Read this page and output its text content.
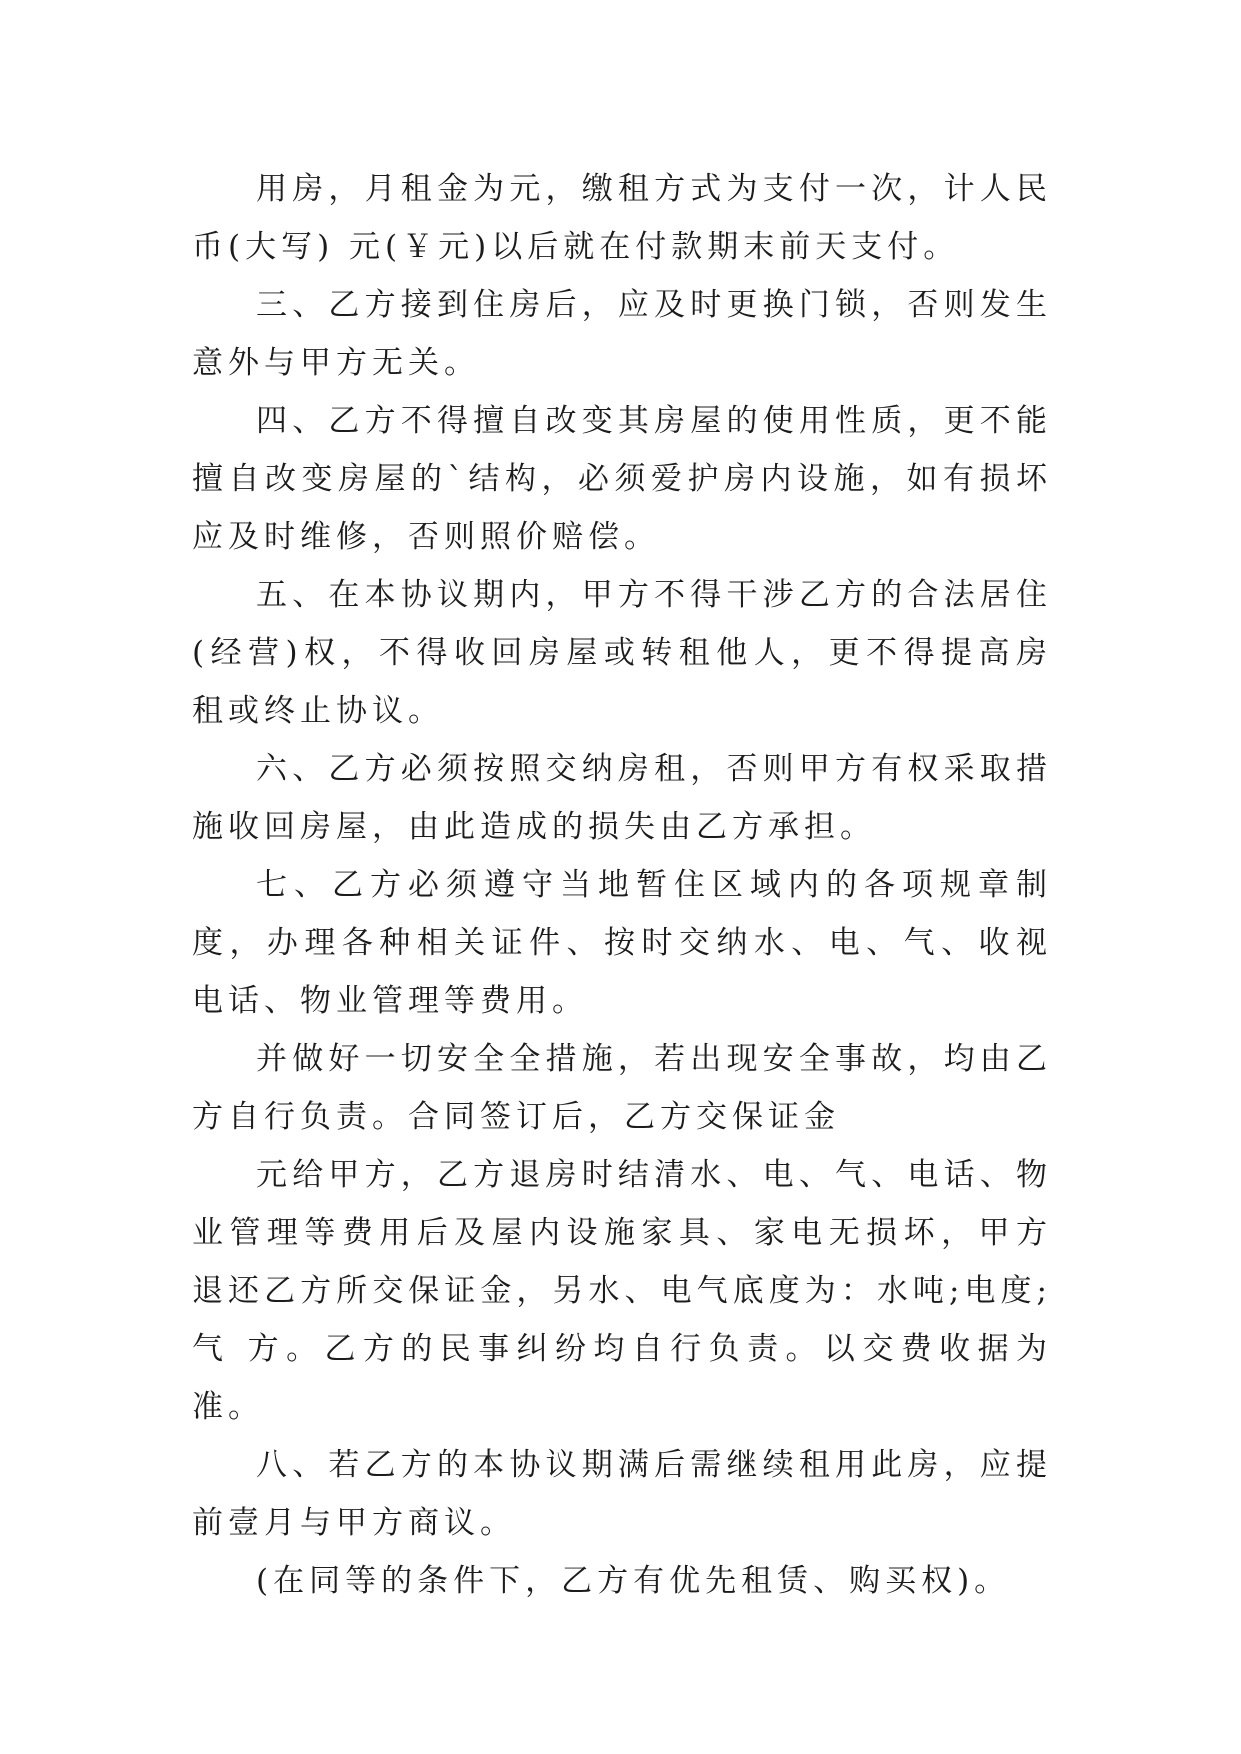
用房，月租金为元，缴租方式为支付一次，计人民币(大写) 元(￥元)以后就在付款期末前天支付。

三、乙方接到住房后，应及时更换门锁，否则发生意外与甲方无关。

四、乙方不得擅自改变其房屋的使用性质，更不能擅自改变房屋的`结构，必须爱护房内设施，如有损坏应及时维修，否则照价赔偿。

五、在本协议期内，甲方不得干涉乙方的合法居住(经营)权，不得收回房屋或转租他人，更不得提高房租或终止协议。

六、乙方必须按照交纳房租，否则甲方有权采取措施收回房屋，由此造成的损失由乙方承担。

七、乙方必须遵守当地暂住区域内的各项规章制度，办理各种相关证件、按时交纳水、电、气、收视电话、物业管理等费用。

并做好一切安全全措施，若出现安全事故，均由乙方自行负责。合同签订后，乙方交保证金

元给甲方，乙方退房时结清水、电、气、电话、物业管理等费用后及屋内设施家具、家电无损坏，甲方退还乙方所交保证金，另水、电气底度为：水吨;电度;气 方。乙方的民事纠纷均自行负责。以交费收据为准。

八、若乙方的本协议期满后需继续租用此房，应提前壹月与甲方商议。

(在同等的条件下，乙方有优先租赁、购买权)。
